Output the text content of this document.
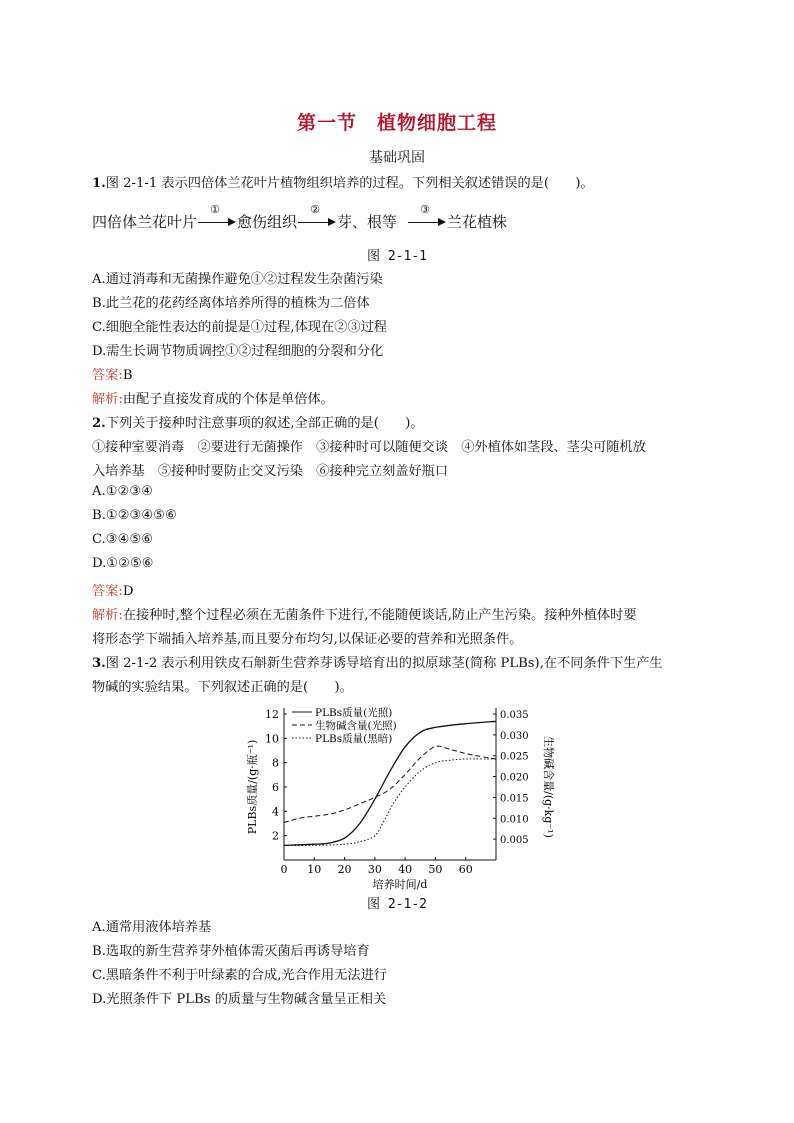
第一节　植物细胞工程
基础巩固
1.图 2-1-1 表示四倍体兰花叶片植物组织培养的过程。下列相关叙述错误的是(　　)。
四倍体兰花叶片
①
愈伤组织
②
芽、根等
③
兰花植株
图 2-1-1
A.通过消毒和无菌操作避免①②过程发生杂菌污染
B.此兰花的花药经离体培养所得的植株为二倍体
C.细胞全能性表达的前提是①过程,体现在②③过程
D.需生长调节物质调控①②过程细胞的分裂和分化
答案:B
解析:由配子直接发育成的个体是单倍体。
2.下列关于接种时注意事项的叙述,全部正确的是(　　)。
①接种室要消毒　②要进行无菌操作　③接种时可以随便交谈　④外植体如茎段、茎尖可随机放
入培养基　⑤接种时要防止交叉污染　⑥接种完立刻盖好瓶口
A.①②③④
B.①②③④⑤⑥
C.③④⑤⑥
D.①②⑤⑥
答案:D
解析:在接种时,整个过程必须在无菌条件下进行,不能随便谈话,防止产生污染。接种外植体时要
将形态学下端插入培养基,而且要分布均匀,以保证必要的营养和光照条件。
3.图 2-1-2 表示利用铁皮石斛新生营养芽诱导培育出的拟原球茎(简称 PLBs),在不同条件下生产生
物碱的实验结果。下列叙述正确的是(　　)。
0 10 20 30 40 50 60
2
4
6
8
10
12
0.005
0.010
0.015
0.020
0.025
0.030
0.035
培养时间/d
PLBs质量/(g·瓶⁻¹)	生物碱含量/(g·kg⁻¹)
PLBs质量(光照)
生物碱含量(光照)
PLBs质量(黑暗)
图 2-1-2
A.通常用液体培养基
B.选取的新生营养芽外植体需灭菌后再诱导培育
C.黑暗条件不利于叶绿素的合成,光合作用无法进行
D.光照条件下 PLBs 的质量与生物碱含量呈正相关
